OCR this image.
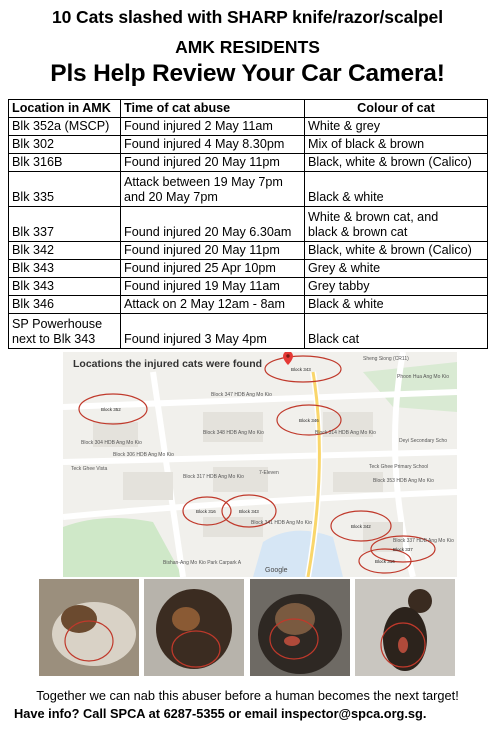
10 Cats slashed with SHARP knife/razor/scalpel
AMK RESIDENTS
Pls Help Review Your Car Camera!
Location in AMK	Time of cat abuse	Colour of cat
Blk 352a (MSCP)	Found injured 2 May 11am	White & grey
Blk 302	Found injured 4 May 8.30pm	Mix of black & brown
Blk 316B	Found injured 20 May 11pm	Black, white & brown (Calico)
Blk 335	Attack between 19 May 7pm
and 20 May 7pm	Black & white
Blk 337	Found injured 20 May 6.30am	White & brown cat, and
black & brown cat
Blk 342	Found injured 20 May 11pm	Black, white & brown (Calico)
Blk 343	Found injured 25 Apr 10pm	Grey & white
Blk 343	Found injured 19 May 11am	Grey tabby
Blk 346	Attack on 2 May 12am - 8am	Black & white
SP Powerhouse
next to Blk 343	Found injured 3 May 4pm	Black cat
Block 343
Block 352
Block 346
Block 316	Block 343
Block 342
Block 337
Block 316
Block 347 HDB Ang Mo Kio
Block 348 HDB Ang Mo Kio	Block 314 HDB Ang Mo Kio
Block 304 HDB Ang Mo Kio
Block 306 HDB Ang Mo Kio
Block 317 HDB Ang Mo Kio
Block 353 HDB Ang Mo Kio
Block 337 HDB Ang Mo Kio
Block 341 HDB Ang Mo Kio
7-Eleven
Teck Ghee Primary School
Deyi Secondary Scho
Teck Ghee Vista
Phoon Hua Ang Mo Kio
Sheng Siong (CR11)
Bishan-Ang Mo Kio Park Carpark A
Google
Locations the injured cats were found
Together we can nab this abuser before a human becomes the next target!
Have info? Call SPCA at 6287-5355 or email inspector@spca.org.sg.
